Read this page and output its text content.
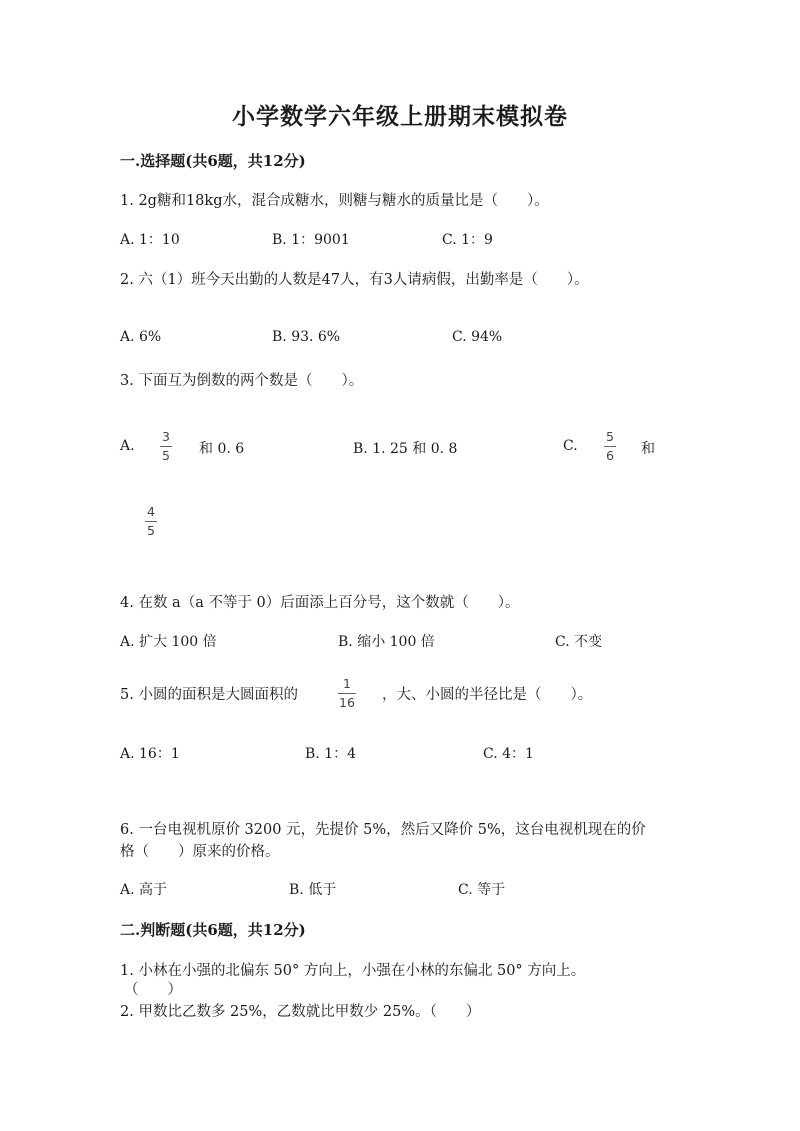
小学数学六年级上册期末模拟卷
一.选择题(共6题，共12分)
1. 2g糖和18kg水，混合成糖水，则糖与糖水的质量比是（　　）。
A. 1：10	B. 1：9001	C. 1：9
2. 六（1）班今天出勤的人数是47人，有3人请病假，出勤率是（　　）。
A. 6%	B. 93. 6%	C. 94%
3. 下面互为倒数的两个数是（　　）。
A.
3
5 和 0. 6	B. 1. 25 和 0. 8	C.
5
6 和
4
5
4. 在数 a（a 不等于 0）后面添上百分号，这个数就（　　）。
A. 扩大 100 倍	B. 缩小 100 倍	C. 不变
5. 小圆的面积是大圆面积的
1
16 ，大、小圆的半径比是（　　）。
A. 16：1	B. 1：4	C. 4：1
6. 一台电视机原价 3200 元，先提价 5%，然后又降价 5%，这台电视机现在的价
格（　　）原来的价格。
A. 高于	B. 低于	C. 等于
二.判断题(共6题，共12分)
1. 小林在小强的北偏东 50° 方向上，小强在小林的东偏北 50° 方向上。
（　　）
2. 甲数比乙数多 25%，乙数就比甲数少 25%。（　　）
